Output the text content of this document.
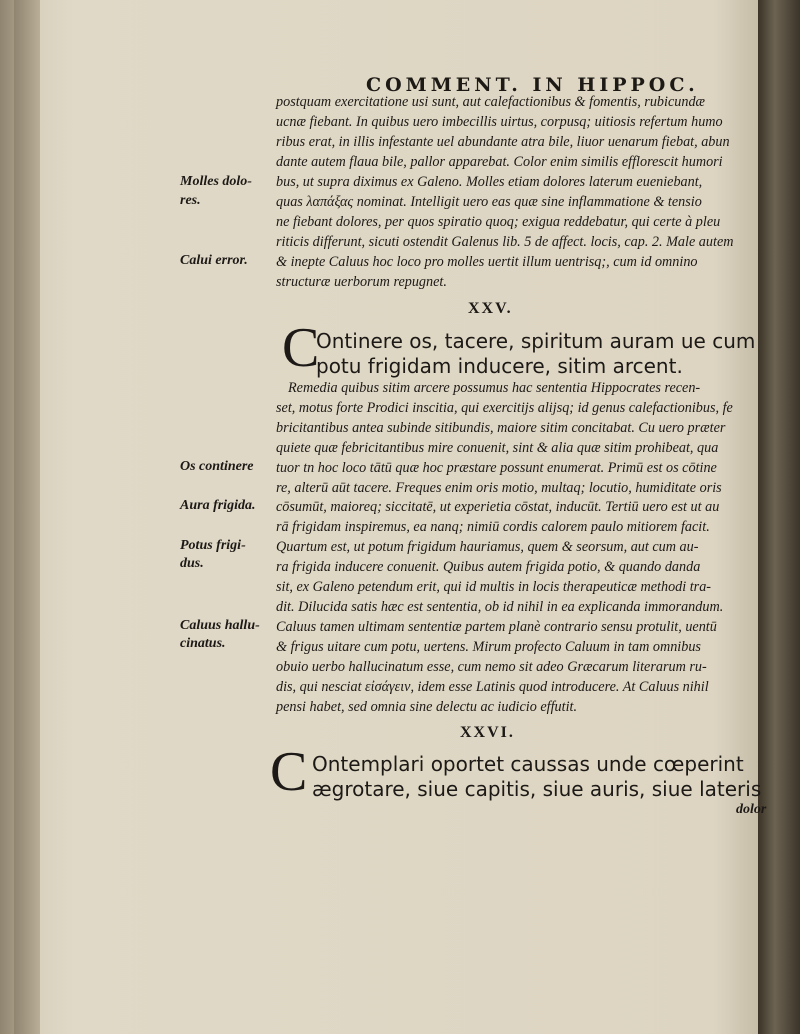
COMMENT. IN HIPPOC.
postquam exercitatione usi sunt, aut calefactionibus & fomentis, rubicundæ
ucnæ fiebant. In quibus uero imbecillis uirtus, corpusq; uitiosis refertum humo
ribus erat, in illis infestante uel abundante atra bile, liuor uenarum fiebat, abun
dante autem flaua bile, pallor apparebat. Color enim similis efflorescit humori
bus, ut supra diximus ex Galeno. Molles etiam dolores laterum eueniebant,
quas λαπάξας nominat. Intelligit uero eas quæ sine inflammatione & tensio
ne fiebant dolores, per quos spiratio quoq; exigua reddebatur, qui certe à pleu
riticis differunt, sicuti ostendit Galenus lib. 5 de affect. locis, cap. 2. Male autem
& inepte Caluus hoc loco pro molles uertit illum uentrisq;, cum id omnino
structuræ uerborum repugnet.
Molles dolo-
res.
Calui error.
XXV.
C
Ontinere os, tacere, spiritum auram ue cum
potu frigidam inducere, sitim arcent.
Remedia quibus sitim arcere possumus hac sententia Hippocrates recen-
set, motus forte Prodici inscitia, qui exercitijs alijsq; id genus calefactionibus, fe
bricitantibus antea subinde sitibundis, maiore sitim concitabat. Cu uero præter
quiete quæ febricitantibus mire conuenit, sint & alia quæ sitim prohibeat, qua
tuor tn hoc loco tātū quæ hoc præstare possunt enumerat. Primū est os cōtine
re, alterū aūt tacere. Freques enim oris motio, multaq; locutio, humiditate oris
cōsumūt, maioreq; siccitatē, ut experietia cōstat, inducūt. Tertiū uero est ut au
rā frigidam inspiremus, ea nanq; nimiū cordis calorem paulo mitiorem facit.
Quartum est, ut potum frigidum hauriamus, quem & seorsum, aut cum au-
ra frigida inducere conuenit. Quibus autem frigida potio, & quando danda
sit, ex Galeno petendum erit, qui id multis in locis therapeuticæ methodi tra-
dit. Dilucida satis hæc est sententia, ob id nihil in ea explicanda immorandum.
Caluus tamen ultimam sententiæ partem planè contrario sensu protulit, uentū
& frigus uitare cum potu, uertens. Mirum profecto Caluum in tam omnibus
obuio uerbo hallucinatum esse, cum nemo sit adeo Græcarum literarum ru-
dis, qui nesciat εἰσάγειν, idem esse Latinis quod introducere. At Caluus nihil
pensi habet, sed omnia sine delectu ac iudicio effutit.
Os continere
Aura frigida.
Potus frigi-
dus.
Caluus hallu-
cinatus.
XXVI.
C Ontemplari oportet caussas unde cœperint
ægrotare, siue capitis, siue auris, siue lateris
dolor
